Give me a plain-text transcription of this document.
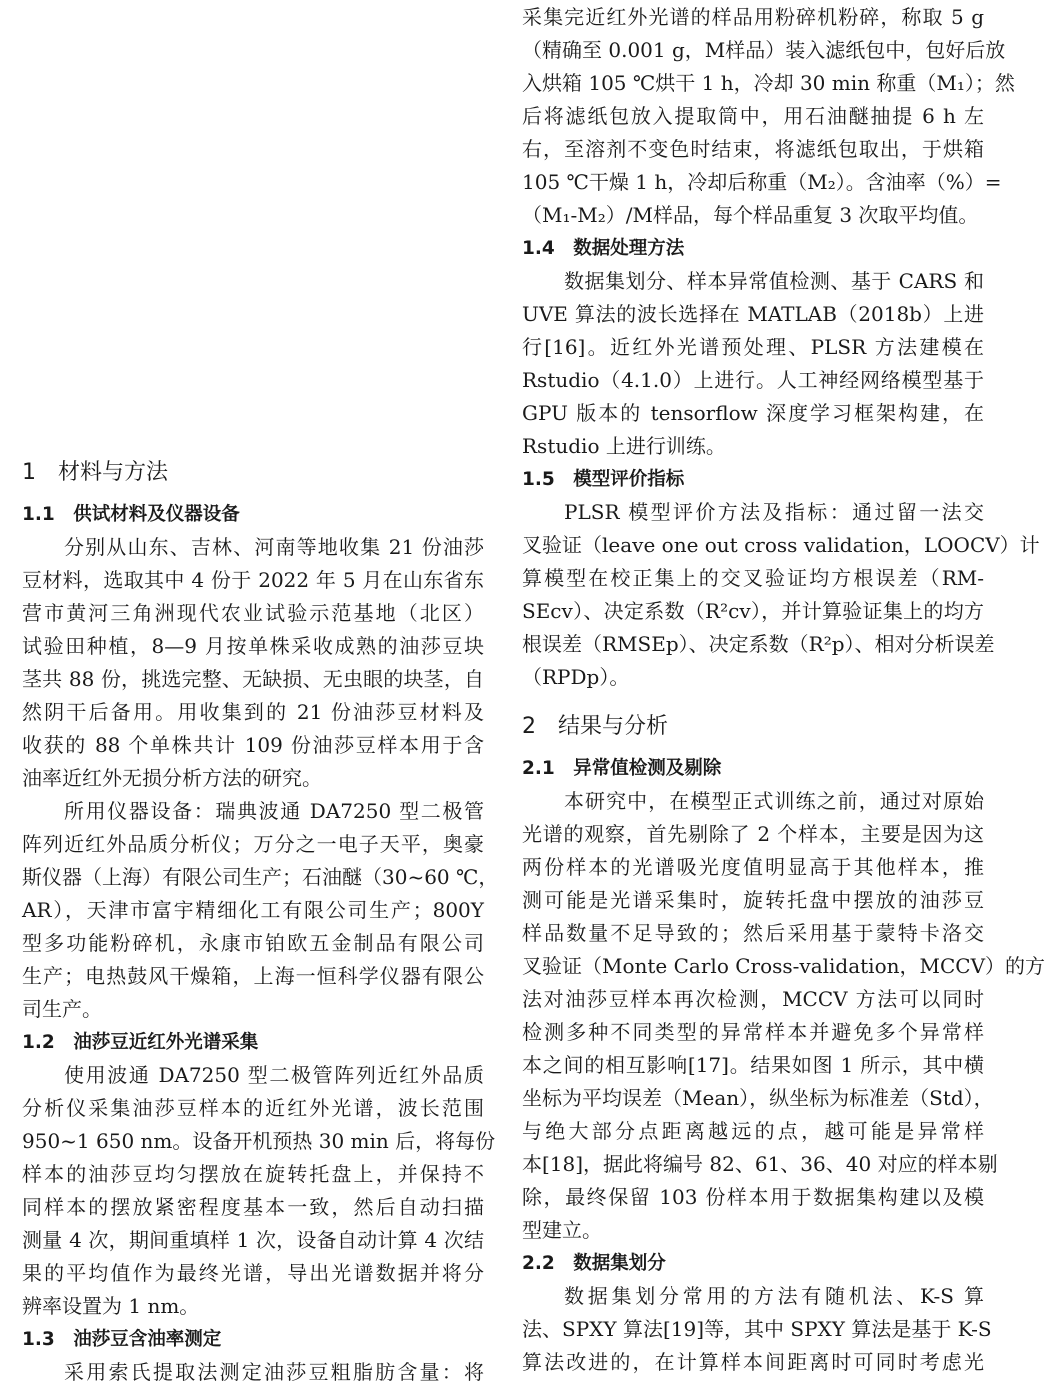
1　材料与方法
1.1　供试材料及仪器设备
分别从山东、吉林、河南等地收集 21 份油莎
豆材料，选取其中 4 份于 2022 年 5 月在山东省东
营市黄河三角洲现代农业试验示范基地（北区）
试验田种植，8—9 月按单株采收成熟的油莎豆块
茎共 88 份，挑选完整、无缺损、无虫眼的块茎，自
然阴干后备用。用收集到的 21 份油莎豆材料及
收获的 88 个单株共计 109 份油莎豆样本用于含
油率近红外无损分析方法的研究。
所用仪器设备：瑞典波通 DA7250 型二极管
阵列近红外品质分析仪；万分之一电子天平，奥豪
斯仪器（上海）有限公司生产；石油醚（30~60 ℃，
AR），天津市富宇精细化工有限公司生产；800Y
型多功能粉碎机，永康市铂欧五金制品有限公司
生产；电热鼓风干燥箱，上海一恒科学仪器有限公
司生产。
1.2　油莎豆近红外光谱采集
使用波通 DA7250 型二极管阵列近红外品质
分析仪采集油莎豆样本的近红外光谱，波长范围
950~1 650 nm。设备开机预热 30 min 后，将每份
样本的油莎豆均匀摆放在旋转托盘上，并保持不
同样本的摆放紧密程度基本一致，然后自动扫描
测量 4 次，期间重填样 1 次，设备自动计算 4 次结
果的平均值作为最终光谱，导出光谱数据并将分
辨率设置为 1 nm。
1.3　油莎豆含油率测定
采用索氏提取法测定油莎豆粗脂肪含量：将
采集完近红外光谱的样品用粉碎机粉碎，称取 5 g
（精确至 0.001 g，M样品）装入滤纸包中，包好后放
入烘箱 105 ℃烘干 1 h，冷却 30 min 称重（M₁）；然
后将滤纸包放入提取筒中，用石油醚抽提 6 h 左
右，至溶剂不变色时结束，将滤纸包取出，于烘箱
105 ℃干燥 1 h，冷却后称重（M₂）。含油率（%）=
（M₁-M₂）/M样品，每个样品重复 3 次取平均值。
1.4　数据处理方法
数据集划分、样本异常值检测、基于 CARS 和
UVE 算法的波长选择在 MATLAB（2018b）上进
行[16]。近红外光谱预处理、PLSR 方法建模在
Rstudio（4.1.0）上进行。人工神经网络模型基于
GPU 版本的 tensorflow 深度学习框架构建，在
Rstudio 上进行训练。
1.5　模型评价指标
PLSR 模型评价方法及指标：通过留一法交
叉验证（leave one out cross validation，LOOCV）计
算模型在校正集上的交叉验证均方根误差（RM-
SEcv）、决定系数（R²cv），并计算验证集上的均方
根误差（RMSEp）、决定系数（R²p）、相对分析误差
（RPDp）。
2　结果与分析
2.1　异常值检测及剔除
本研究中，在模型正式训练之前，通过对原始
光谱的观察，首先剔除了 2 个样本，主要是因为这
两份样本的光谱吸光度值明显高于其他样本，推
测可能是光谱采集时，旋转托盘中摆放的油莎豆
样品数量不足导致的；然后采用基于蒙特卡洛交
叉验证（Monte Carlo Cross-validation，MCCV）的方
法对油莎豆样本再次检测，MCCV 方法可以同时
检测多种不同类型的异常样本并避免多个异常样
本之间的相互影响[17]。结果如图 1 所示，其中横
坐标为平均误差（Mean），纵坐标为标准差（Std），
与绝大部分点距离越远的点，越可能是异常样
本[18]，据此将编号 82、61、36、40 对应的样本剔
除，最终保留 103 份样本用于数据集构建以及模
型建立。
2.2　数据集划分
数据集划分常用的方法有随机法、K-S 算
法、SPXY 算法[19]等，其中 SPXY 算法是基于 K-S
算法改进的，在计算样本间距离时可同时考虑光
